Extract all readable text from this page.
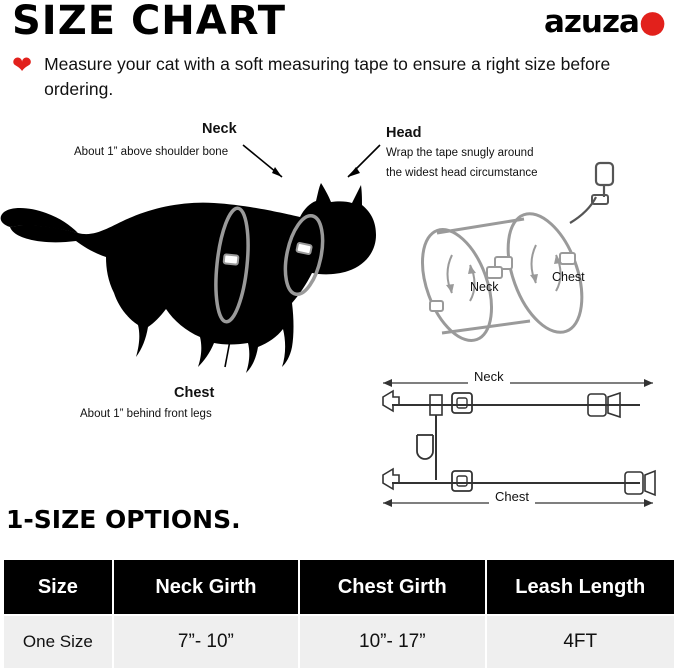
SIZE CHART	azuza●
❤ Measure your cat with a soft measuring tape to ensure a right size before ordering.
Neck
About 1” above shoulder bone
Head
Wrap the tape snugly around
the widest head circumstance
Chest
About 1” behind front legs
Neck
Chest
Neck
Chest
1-SIZE OPTIONS.
Size	Neck Girth	Chest Girth	Leash Length
One Size	7”- 10”	10”- 17”	4FT
